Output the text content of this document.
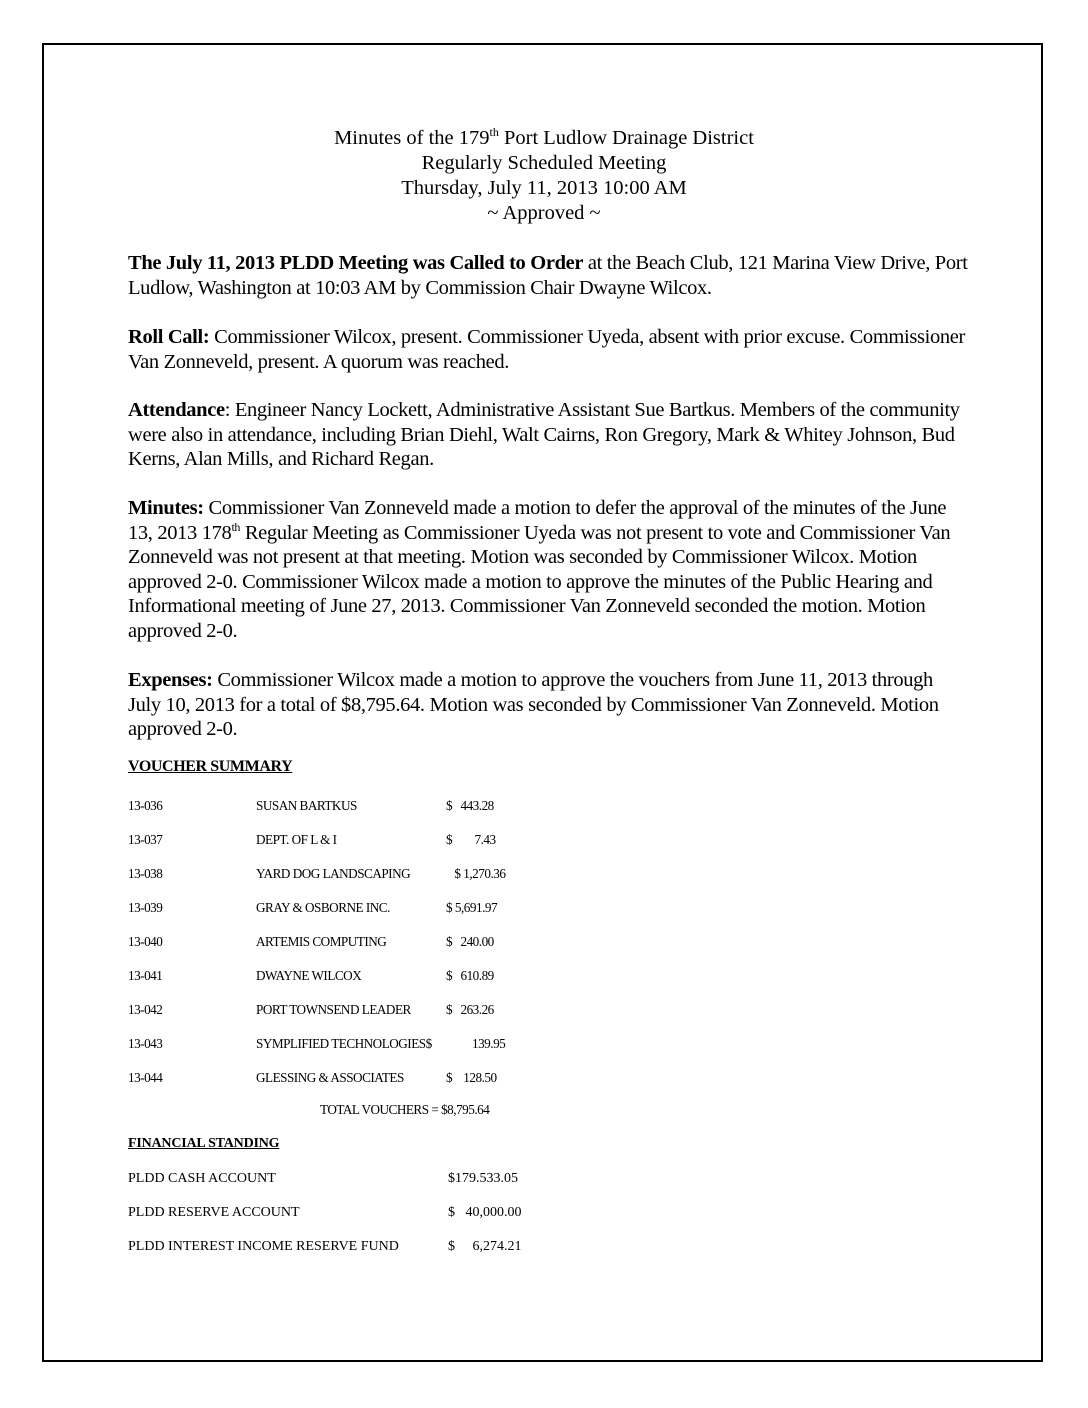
Minutes of the 179th Port Ludlow Drainage District
Regularly Scheduled Meeting
Thursday, July 11, 2013 10:00 AM
~ Approved ~
The July 11, 2013 PLDD Meeting was Called to Order at the Beach Club, 121 Marina View Drive, Port Ludlow, Washington at 10:03 AM by Commission Chair Dwayne Wilcox.
Roll Call: Commissioner Wilcox, present. Commissioner Uyeda, absent with prior excuse. Commissioner Van Zonneveld, present. A quorum was reached.
Attendance: Engineer Nancy Lockett, Administrative Assistant Sue Bartkus. Members of the community were also in attendance, including Brian Diehl, Walt Cairns, Ron Gregory, Mark & Whitey Johnson, Bud Kerns, Alan Mills, and Richard Regan.
Minutes: Commissioner Van Zonneveld made a motion to defer the approval of the minutes of the June 13, 2013 178th Regular Meeting as Commissioner Uyeda was not present to vote and Commissioner Van Zonneveld was not present at that meeting. Motion was seconded by Commissioner Wilcox. Motion approved 2-0. Commissioner Wilcox made a motion to approve the minutes of the Public Hearing and Informational meeting of June 27, 2013. Commissioner Van Zonneveld seconded the motion. Motion approved 2-0.
Expenses: Commissioner Wilcox made a motion to approve the vouchers from June 11, 2013 through July 10, 2013 for a total of $8,795.64. Motion was seconded by Commissioner Van Zonneveld. Motion approved 2-0.
VOUCHER SUMMARY
13-036	SUSAN BARTKUS	$   443.28
13-037	DEPT. OF L & I	$        7.43
13-038	YARD DOG LANDSCAPING	$ 1,270.36
13-039	GRAY & OSBORNE INC.	$ 5,691.97
13-040	ARTEMIS COMPUTING	$   240.00
13-041	DWAYNE WILCOX	$   610.89
13-042	PORT TOWNSEND LEADER	$   263.26
13-043	SYMPLIFIED TECHNOLOGIES$ 139.95
13-044	GLESSING & ASSOCIATES	$    128.50
TOTAL VOUCHERS = $8,795.64
FINANCIAL STANDING
PLDD CASH ACCOUNT	$179.533.05
PLDD RESERVE ACCOUNT	$   40,000.00
PLDD INTEREST INCOME RESERVE FUND	$     6,274.21
